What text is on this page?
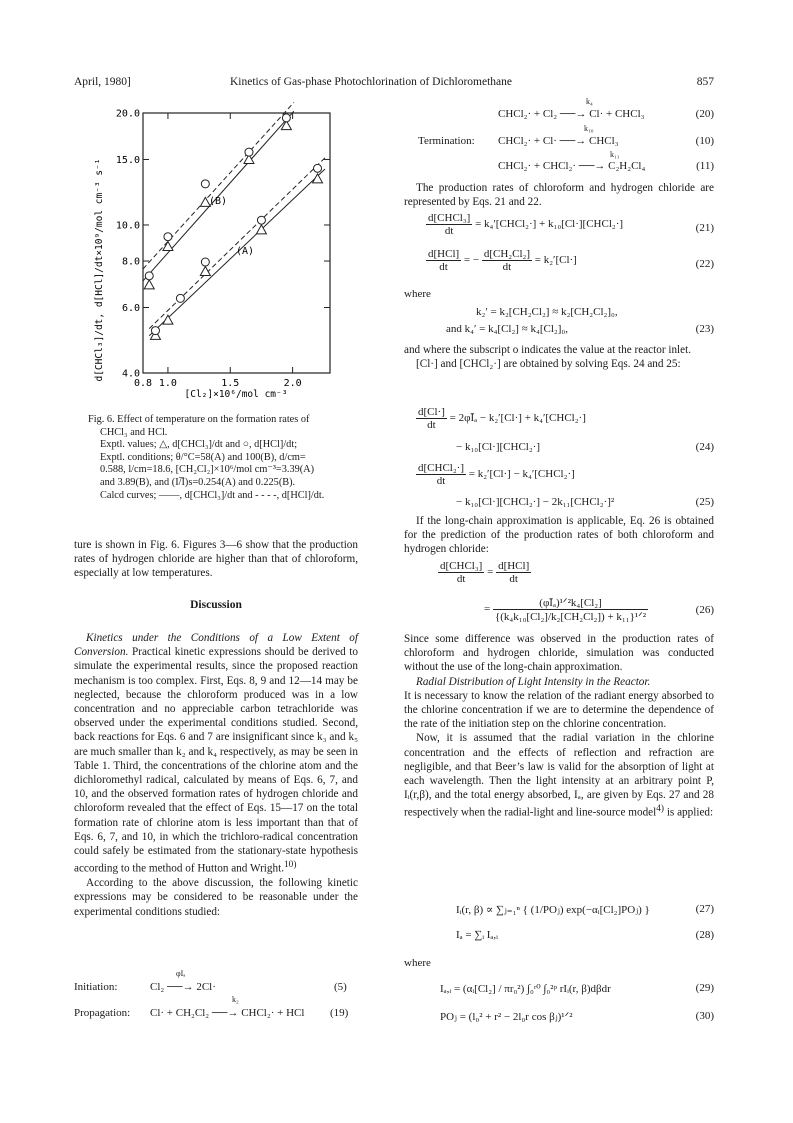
April, 1980]	Kinetics of Gas-phase Photochlorination of Dichloromethane	857
d[CHCl₃]/dt, d[HCl]/dt×10⁹/mol cm⁻³ s⁻¹ 4.0
6.0
8.0
10.0
15.0
20.0
0.8 1.0	1.5	2.0
(B)
(A)
[Cl₂]×10⁶/mol cm⁻³
Fig. 6. Effect of temperature on the formation rates of
CHCl₃ and HCl.
Exptl. values; △, d[CHCl₃]/dt and ○, d[HCl]/dt;
Exptl. conditions; θ/°C=58(A) and 100(B), d/cm=
0.588, l/cm=18.6, [CH₂Cl₂]×10⁶/mol cm⁻³=3.39(A)
and 3.89(B), and (I/̅I)s=0.254(A) and 0.225(B).
Calcd curves; ——, d[CHCl₃]/dt and - - - -, d[HCl]/dt.
ture is shown in Fig. 6. Figures 3—6 show that the production rates of hydrogen chloride are higher than that of chloroform, especially at low temperatures.
Discussion

Kinetics under the Conditions of a Low Extent of Conversion. Practical kinetic expressions should be derived to simulate the experimental results, since the proposed reaction mechanism is too complex. First, Eqs. 8, 9 and 12—14 may be neglected, because the chloroform produced was in a low concentration and no appreciable carbon tetrachloride was observed under the experimental conditions studied. Second, back reactions for Eqs. 6 and 7 are insignificant since k₃ and k₅ are much smaller than k₂ and k₄ respectively, as may be seen in Table 1. Third, the concentrations of the chlorine atom and the dichloromethyl radical, calculated by means of Eqs. 6, 7, and 10, and the observed formation rates of hydrogen chloride and chloroform revealed that the effect of Eqs. 15—17 on the total formation rate of chlorine atom is less important than that of Eqs. 6, 7, and 10, in which the trichloro-radical concentration could safely be estimated from the stationary-state hypothesis according to the method of Hutton and Wright.$^{10)}$

According to the above discussion, the following kinetic expressions may be considered to be reasonable under the experimental conditions studied:

Initiation:	Cl₂ ──→ 2Cl·
φIₐ
(5)
Propagation: Cl· + CH₂Cl₂ ──→ CHCl₂· + HCl
k₂
(19)
CHCl₂· + Cl₂ ──→ Cl· + CHCl₃
k₄
(20)
Termination: CHCl₂· + Cl· ──→ CHCl₃
k₁₀
(10)
CHCl₂· + CHCl₂· ──→ C₂H₂Cl₄
k₁₁
(11)

The production rates of chloroform and hydrogen chloride are represented by Eqs. 21 and 22.

$\frac{\text{d[CHCl₃]}}{dt}$ = k₄′[CHCl₂·] + k₁₀[Cl·][CHCl₂·]	(21)
$\frac{\text{d[HCl]}}{dt}$ = − $\frac{\text{d[CH₂Cl₂]}}{dt} = k_2'[Cl\cdot]$	(22)
where
k₂′ = k₂[CH₂Cl₂] ≈ k₂[CH₂Cl₂]₀,
and k₄′ = k₄[Cl₂] ≈ k₄[Cl₂]₀,	(23)

and where the subscript o indicates the value at the reactor inlet.

[Cl·] and [CHCl₂·] are obtained by solving Eqs. 24 and 25:

$\frac{d[Cl\cdot]}{dt}$ = 2φĪₐ − k₂′[Cl·] + k₄′[CHCl₂·]
− k₁₀[Cl·][CHCl₂·]	(24)
$\frac{\text{d[CHCl₂·]}}{dt} = k_2'[Cl\cdot]$ − k₄′[CHCl₂·]
− k₁₀[Cl·][CHCl₂·] − 2k₁₁[CHCl₂·]²	(25)

If the long-chain approximation is applicable, Eq. 26 is obtained for the prediction of the production rates of both chloroform and hydrogen chloride:

$\frac{\text{d[CHCl₃]}}{dt} = \frac{\text{d[HCl]}}{dt}$
= $\frac{\text{(φĪₐ)¹ᐟ²k₄[Cl₂]}}{\text{\{(k₄k₁₀[Cl₂]/k₂[CH₂Cl₂]) + k₁₁\}¹ᐟ²}}$	(26)

Since some difference was observed in the production rates of chloroform and hydrogen chloride, simulation was conducted without the use of the long-chain approximation.

Radial Distribution of Light Intensity in the Reactor.

It is necessary to know the relation of the radiant energy absorbed to the chlorine concentration if we are to determine the dependence of the rate of the initiation step on the chlorine concentration.

Now, it is assumed that the radial variation in the chlorine concentration and the effects of reflection and refraction are negligible, and that Beer’s law is valid for the absorption of light at each wavelength. Then the light intensity at an arbitrary point P, Iᵢ(r,β), and the total energy absorbed, Iₐ, are given by Eqs. 27 and 28 respectively when the radial-light and line-source model$^{4)}$ is applied:

Iᵢ(r, β) ∝ ∑ⱼ₌₁ⁿ { (1/POⱼ) exp(−αᵢ[Cl₂]POⱼ) }	(27)
Iₐ = ∑ᵢ Iₐ,ᵢ	(28)
where
Iₐ,ᵢ = (αᵢ[Cl₂] / πr₀²) ∫₀ʳ⁰ ∫₀²ᵖ rIᵢ(r, β)dβdr	(29)
POⱼ = (l₀² + r² − 2l₀r cos βⱼ)¹ᐟ²	(30)
